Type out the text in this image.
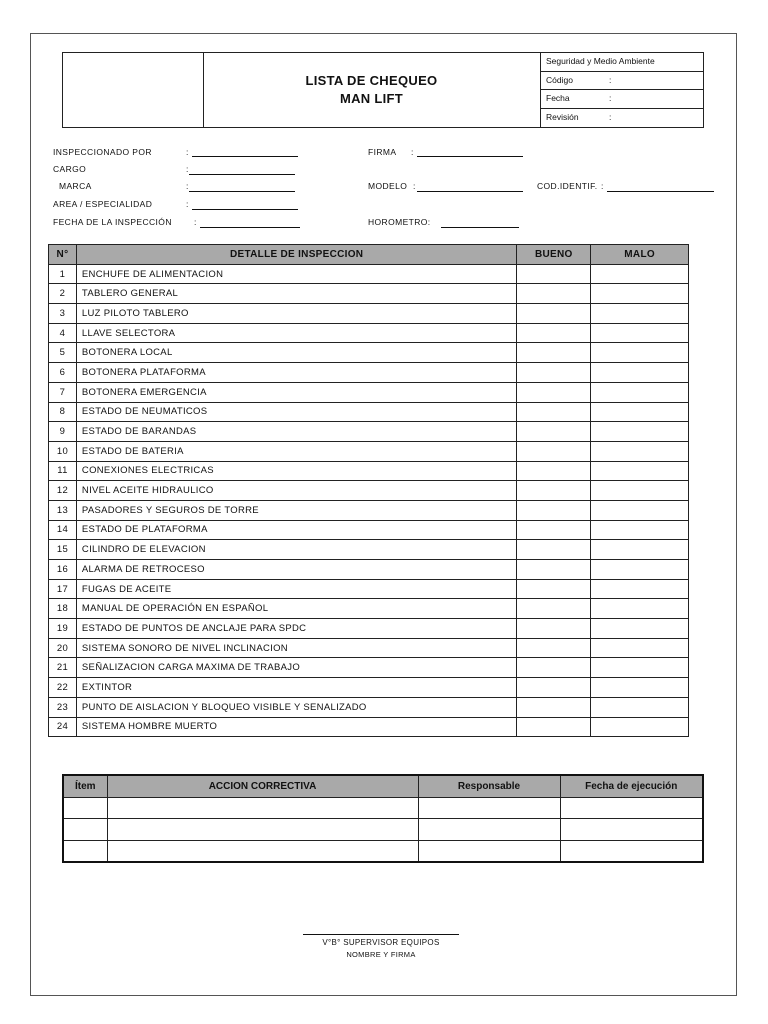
LISTA DE CHEQUEO
MAN LIFT
Seguridad y Medio Ambiente
Código	:
Fecha	:
Revisión	:
INSPECCIONADO POR	:
CARGO	:
MARCA	:
AREA / ESPECIALIDAD	:
FECHA DE LA INSPECCIÓN	:
FIRMA :
MODELO :	COD.IDENTIF. :
HOROMETRO:
N°	DETALLE DE INSPECCION	BUENO	MALO
1	ENCHUFE DE ALIMENTACION		
2	TABLERO GENERAL		
3	LUZ PILOTO TABLERO		
4	LLAVE SELECTORA		
5	BOTONERA LOCAL		
6	BOTONERA PLATAFORMA		
7	BOTONERA EMERGENCIA		
8	ESTADO DE NEUMATICOS		
9	ESTADO DE BARANDAS		
10	ESTADO DE BATERIA		
11	CONEXIONES ELECTRICAS		
12	NIVEL ACEITE HIDRAULICO		
13	PASADORES Y SEGUROS DE TORRE		
14	ESTADO DE PLATAFORMA		
15	CILINDRO DE ELEVACION		
16	ALARMA DE RETROCESO		
17	FUGAS DE ACEITE		
18	MANUAL DE OPERACIÓN EN ESPAÑOL		
19	ESTADO DE PUNTOS DE ANCLAJE PARA SPDC		
20	SISTEMA SONORO DE NIVEL INCLINACION		
21	SEÑALIZACION CARGA MAXIMA DE TRABAJO		
22	EXTINTOR		
23	PUNTO DE AISLACION Y BLOQUEO VISIBLE Y SENALIZADO		
24	SISTEMA HOMBRE MUERTO		
Ítem	ACCION CORRECTIVA	Responsable	Fecha de ejecución

V°B° SUPERVISOR EQUIPOS
NOMBRE Y FIRMA
